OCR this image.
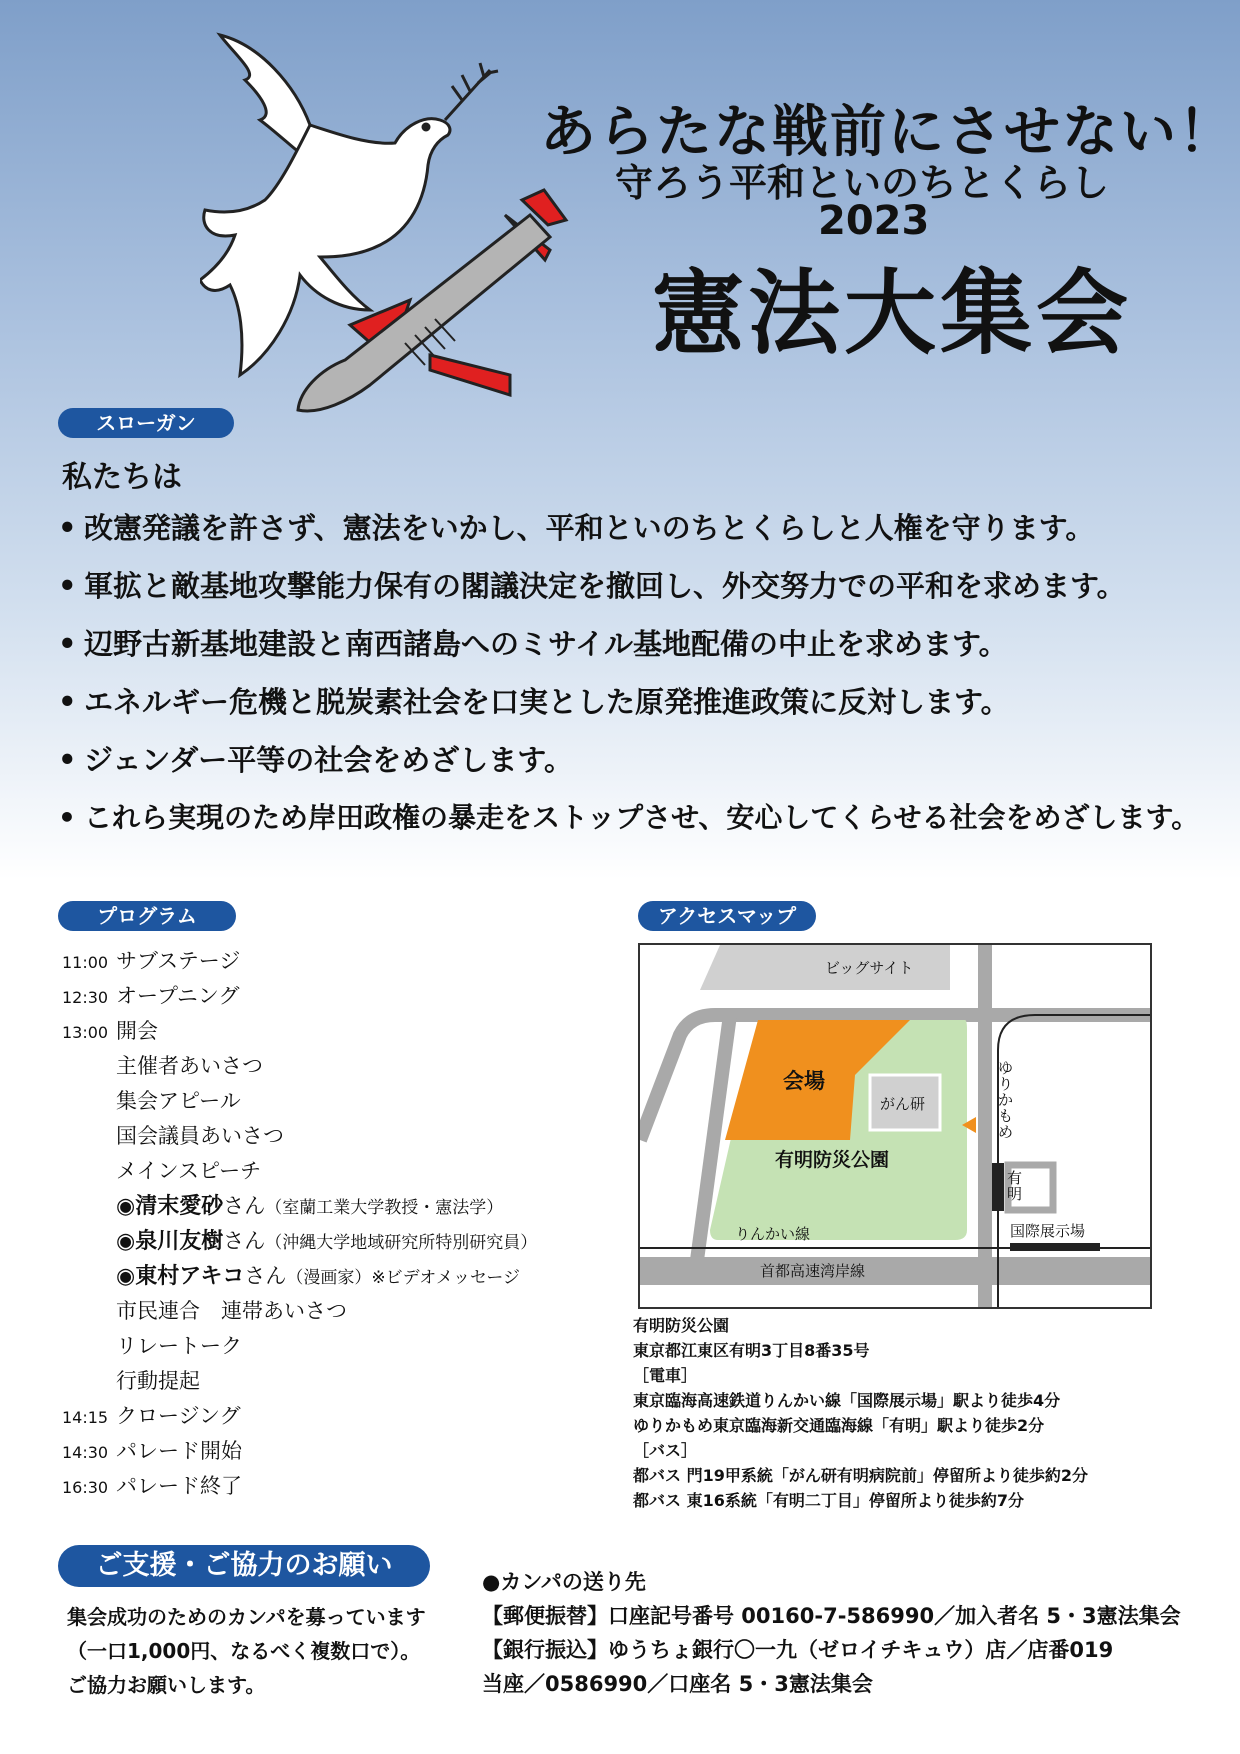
あらたな戦前にさせない！
守ろう平和といのちとくらし
2023
憲法大集会
スローガン
私たちは
• 改憲発議を許さず、憲法をいかし、平和といのちとくらしと人権を守ります。
• 軍拡と敵基地攻撃能力保有の閣議決定を撤回し、外交努力での平和を求めます。
• 辺野古新基地建設と南西諸島へのミサイル基地配備の中止を求めます。
• エネルギー危機と脱炭素社会を口実とした原発推進政策に反対します。
• ジェンダー平等の社会をめざします。
• これら実現のため岸田政権の暴走をストップさせ、安心してくらせる社会をめざします。
プログラム
11:00 サブステージ
12:30 オープニング
13:00 開会
主催者あいさつ
集会アピール
国会議員あいさつ
メインスピーチ
◉清末愛砂さん（室蘭工業大学教授・憲法学）
◉泉川友樹さん（沖縄大学地域研究所特別研究員）
◉東村アキコさん（漫画家）※ビデオメッセージ
市民連合　連帯あいさつ
リレートーク
行動提起
14:15 クロージング
14:30 パレード開始
16:30 パレード終了
アクセスマップ
ビッグサイト
会場
がん研
有明防災公園
りんかい線
ゆりかもめ
有明
国際展示場
首都高速湾岸線
有明防災公園
東京都江東区有明3丁目8番35号
［電車］
東京臨海高速鉄道りんかい線「国際展示場」駅より徒歩4分
ゆりかもめ東京臨海新交通臨海線「有明」駅より徒歩2分
［バス］
都バス 門19甲系統「がん研有明病院前」停留所より徒歩約2分
都バス 東16系統「有明二丁目」停留所より徒歩約7分
ご支援・ご協力のお願い
集会成功のためのカンパを募っています
（一口1,000円、なるべく複数口で）。
ご協力お願いします。
●カンパの送り先
【郵便振替】口座記号番号 00160-7-586990／加入者名 5・3憲法集会
【銀行振込】ゆうちょ銀行〇一九（ゼロイチキュウ）店／店番019
当座／0586990／口座名 5・3憲法集会
